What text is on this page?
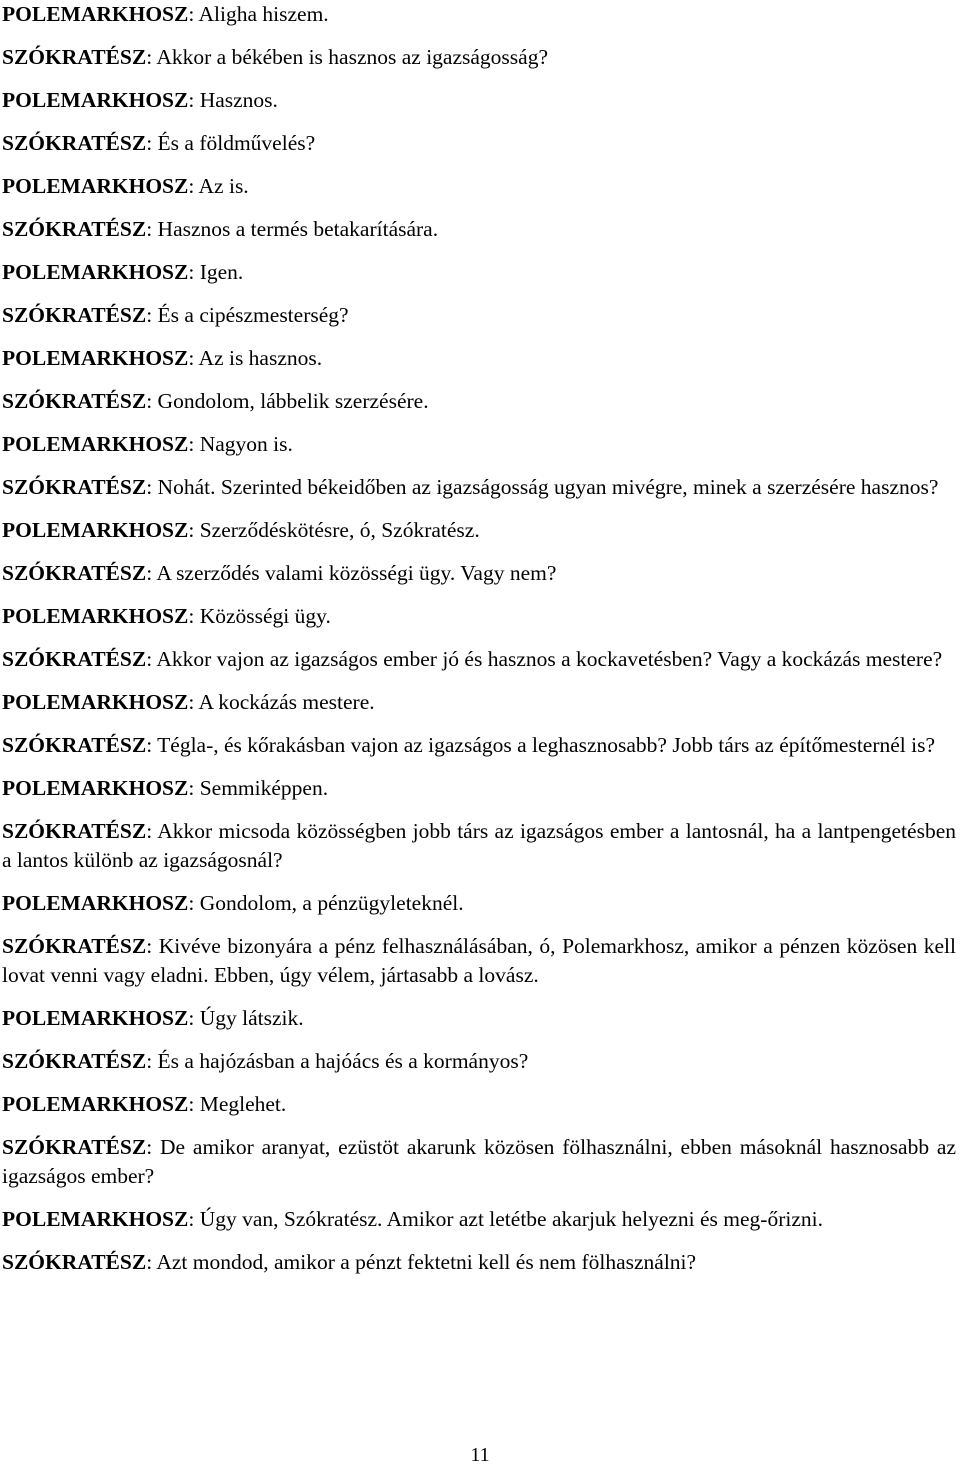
POLEMARKHOSZ: Aligha hiszem.

SZÓKRATÉSZ: Akkor a békében is hasznos az igazságosság?

POLEMARKHOSZ: Hasznos.

SZÓKRATÉSZ: És a földművelés?

POLEMARKHOSZ: Az is.

SZÓKRATÉSZ: Hasznos a termés betakarítására.

POLEMARKHOSZ: Igen.

SZÓKRATÉSZ: És a cipészmesterség?

POLEMARKHOSZ: Az is hasznos.

SZÓKRATÉSZ: Gondolom, lábbelik szerzésére.

POLEMARKHOSZ: Nagyon is.

SZÓKRATÉSZ: Nohát. Szerinted békeidőben az igazságosság ugyan mivégre, minek a szerzésére hasznos?

POLEMARKHOSZ: Szerződéskötésre, ó, Szókratész.

SZÓKRATÉSZ: A szerződés valami közösségi ügy. Vagy nem?

POLEMARKHOSZ: Közösségi ügy.

SZÓKRATÉSZ: Akkor vajon az igazságos ember jó és hasznos a kockavetésben? Vagy a kockázás mestere?

POLEMARKHOSZ: A kockázás mestere.

SZÓKRATÉSZ: Tégla-, és kőrakásban vajon az igazságos a leghasznosabb? Jobb társ az építőmesternél is?

POLEMARKHOSZ: Semmiképpen.

SZÓKRATÉSZ: Akkor micsoda közösségben jobb társ az igazságos ember a lantosnál, ha a lantpengetésben a lantos különb az igazságosnál?

POLEMARKHOSZ: Gondolom, a pénzügyleteknél.

SZÓKRATÉSZ: Kivéve bizonyára a pénz felhasználásában, ó, Polemarkhosz, amikor a pénzen közösen kell lovat venni vagy eladni. Ebben, úgy vélem, jártasabb a lovász.

POLEMARKHOSZ: Úgy látszik.

SZÓKRATÉSZ: És a hajózásban a hajóács és a kormányos?

POLEMARKHOSZ: Meglehet.

SZÓKRATÉSZ: De amikor aranyat, ezüstöt akarunk közösen fölhasználni, ebben másoknál hasznosabb az igazságos ember?

POLEMARKHOSZ: Úgy van, Szókratész. Amikor azt letétbe akarjuk helyezni és meg-őrizni.

SZÓKRATÉSZ: Azt mondod, amikor a pénzt fektetni kell és nem fölhasználni?

11
